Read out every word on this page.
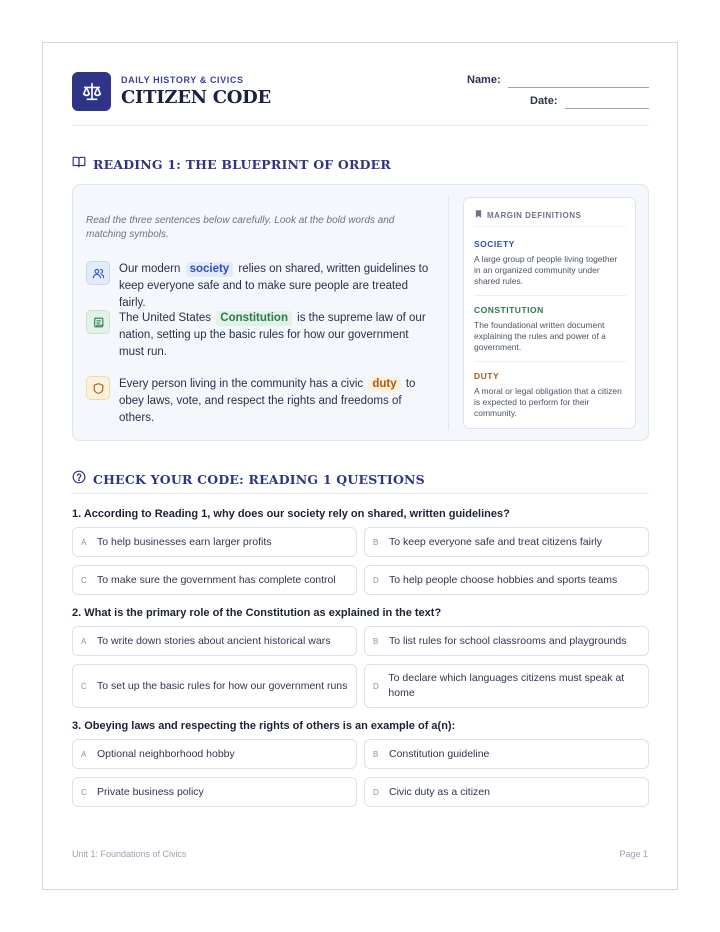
DAILY HISTORY & CIVICS
CITIZEN CODE
Name:
Date:
READING 1: THE BLUEPRINT OF ORDER
Read the three sentences below carefully. Look at the bold words and matching symbols.
Our modern society relies on shared, written guidelines to keep everyone safe and to make sure people are treated fairly.
The United States Constitution is the supreme law of our nation, setting up the basic rules for how our government must run.
Every person living in the community has a civic duty to obey laws, vote, and respect the rights and freedoms of others.
MARGIN DEFINITIONS
SOCIETY
A large group of people living together in an organized community under shared rules.
CONSTITUTION
The foundational written document explaining the rules and power of a government.
DUTY
A moral or legal obligation that a citizen is expected to perform for their community.
CHECK YOUR CODE: READING 1 QUESTIONS
1. According to Reading 1, why does our society rely on shared, written guidelines?
A	To help businesses earn larger profits	B	To keep everyone safe and treat citizens fairly
C To make sure the government has complete control	D To help people choose hobbies and sports teams
2. What is the primary role of the Constitution as explained in the text?
A	To write down stories about ancient historical wars	B	To list rules for school classrooms and playgrounds
C To set up the basic rules for how our government runs	D
To declare which languages citizens must speak at home
3. Obeying laws and respecting the rights of others is an example of a(n):
A	Optional neighborhood hobby	B	Constitution guideline
C Private business policy	D Civic duty as a citizen
Unit 1: Foundations of Civics	Page 1
